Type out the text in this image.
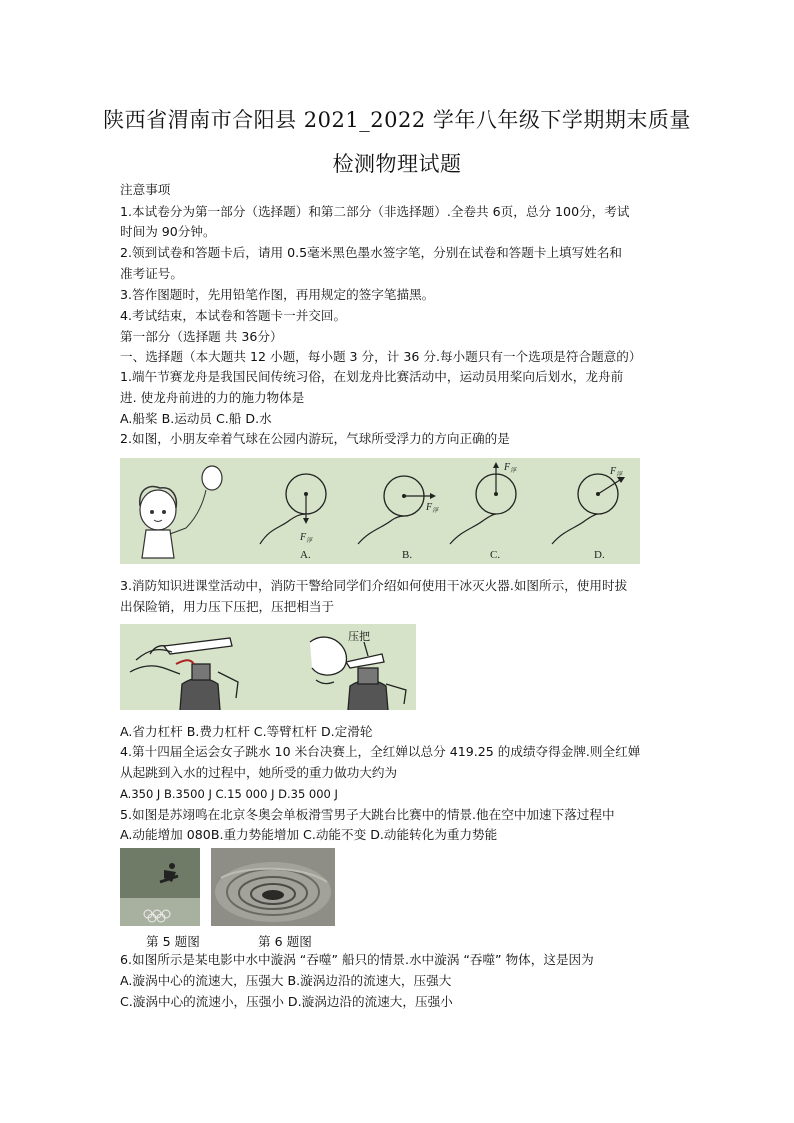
陕西省渭南市合阳县 2021_2022 学年八年级下学期期末质量
检测物理试题
注意事项
1.本试卷分为第一部分（选择题）和第二部分（非选择题）.全卷共 6页，总分 100分，考试
时间为 90分钟。
2.领到试卷和答题卡后，请用 0.5毫米黑色墨水签字笔，分别在试卷和答题卡上填写姓名和
准考证号。
3.答作图题时，先用铅笔作图，再用规定的签字笔描黑。
4.考试结束，本试卷和答题卡一并交回。
第一部分（选择题 共 36分）
一、选择题（本大题共 12 小题，每小题 3 分，计 36 分.每小题只有一个选项是符合题意的）
1.端午节赛龙舟是我国民间传统习俗，在划龙舟比赛活动中，运动员用桨向后划水，龙舟前
进. 使龙舟前进的力的施力物体是
A.船桨 B.运动员 C.船 D.水
2.如图，小朋友牵着气球在公园内游玩，气球所受浮力的方向正确的是
$F_浮$
$F_浮$
$F_浮$	$F_浮$
A.	B.	C.	D.
3.消防知识进课堂活动中，消防干警给同学们介绍如何使用干冰灭火器.如图所示，使用时拔
出保险销，用力压下压把，压把相当于
压把
A.省力杠杆 B.费力杠杆 C.等臂杠杆 D.定滑轮
4.第十四届全运会女子跳水 10 米台决赛上，全红婵以总分 419.25 的成绩夺得金牌.则全红婵
从起跳到入水的过程中，她所受的重力做功大约为
A.350 J B.3500 J C.15 000 J D.35 000 J
5.如图是苏翊鸣在北京冬奥会单板滑雪男子大跳台比赛中的情景.他在空中加速下落过程中
A.动能增加 080B.重力势能增加 C.动能不变 D.动能转化为重力势能
第 5 题图	第 6 题图
6.如图所示是某电影中水中漩涡 “吞噬” 船只的情景.水中漩涡 “吞噬” 物体，这是因为
A.漩涡中心的流速大，压强大 B.漩涡边沿的流速大，压强大
C.漩涡中心的流速小，压强小 D.漩涡边沿的流速大，压强小
